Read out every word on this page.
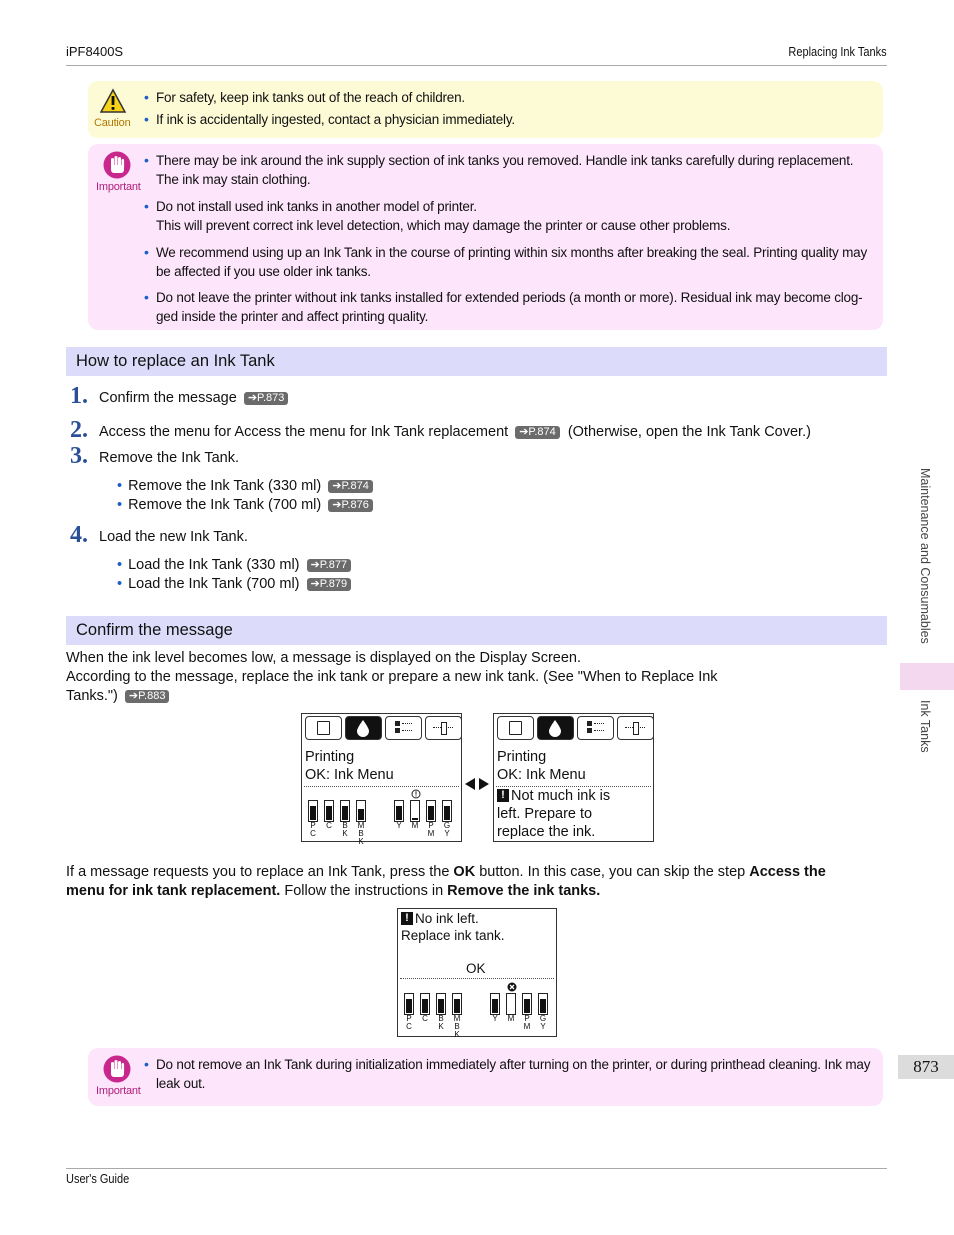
iPF8400S	Replacing Ink Tanks
Caution
• For safety, keep ink tanks out of the reach of children.
• If ink is accidentally ingested, contact a physician immediately.
Important
• There may be ink around the ink supply section of ink tanks you removed. Handle ink tanks carefully during replacement. The ink may stain clothing.
• Do not install used ink tanks in another model of printer.
This will prevent correct ink level detection, which may damage the printer or cause other problems.
• We recommend using up an Ink Tank in the course of printing within six months after breaking the seal. Printing quality may be affected if you use older ink tanks.
• Do not leave the printer without ink tanks installed for extended periods (a month or more). Residual ink may become clog-ged inside the printer and affect printing quality.
How to replace an Ink Tank
1. Confirm the message ➔P.873
2. Access the menu for Access the menu for Ink Tank replacement ➔P.874 (Otherwise, open the Ink Tank Cover.)
3. Remove the Ink Tank.
• Remove the Ink Tank (330 ml) ➔P.874
• Remove the Ink Tank (700 ml) ➔P.876
4. Load the new Ink Tank.
• Load the Ink Tank (330 ml) ➔P.877
• Load the Ink Tank (700 ml) ➔P.879
Confirm the message
When the ink level becomes low, a message is displayed on the Display Screen.
According to the message, replace the ink tank or prepare a new ink tank. (See "When to Replace Ink
Tanks.") ➔P.883
Printing
OK: Ink Menu
P C
C	B K
M B K
Y	M	P M
G Y
Printing
OK: Ink Menu
! Not much ink is
left. Prepare to
replace the ink.
If a message requests you to replace an Ink Tank, press the OK button. In this case, you can skip the step Access the
menu for ink tank replacement. Follow the instructions in Remove the ink tanks.
! No ink left.
Replace ink tank.
OK
P C
C	B K
M B K
Y	M	P M
G Y
Important
• Do not remove an Ink Tank during initialization immediately after turning on the printer, or during printhead cleaning. Ink may leak out.
Maintenance and Consumables
Ink Tanks
873
User's Guide
